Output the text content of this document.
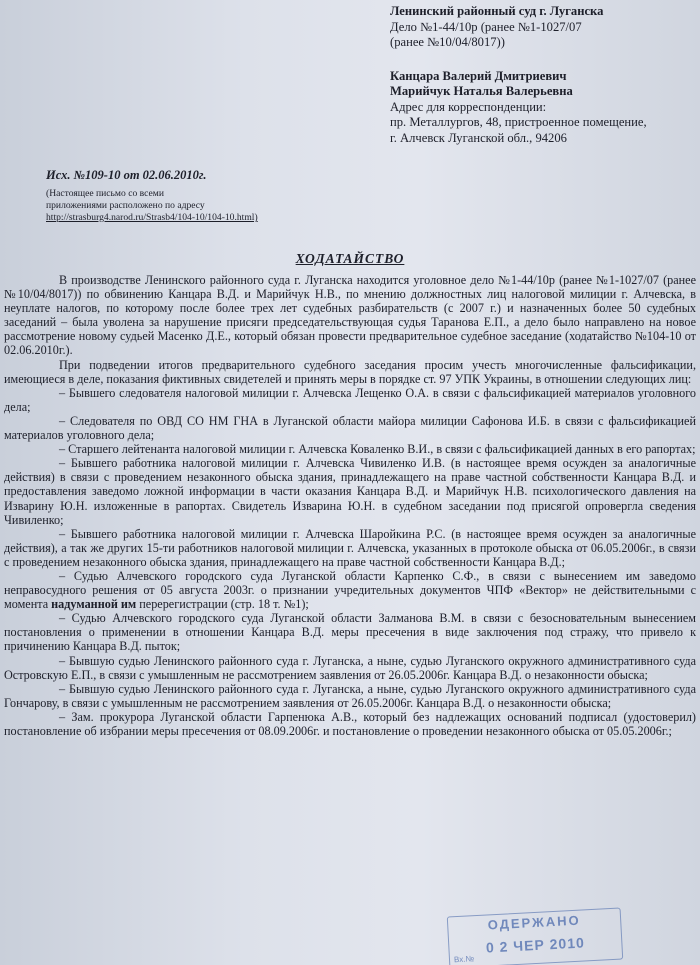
Ленинский районный суд г. Луганска
Дело №1-44/10р (ранее №1-1027/07
(ранее №10/04/8017))
Канцара Валерий Дмитриевич
Марийчук Наталья Валерьевна
Адрес для корреспонденции:
пр. Металлургов, 48, пристроенное помещение,
г. Алчевск Луганской обл., 94206
Исх. №109-10 от 02.06.2010г.
(Настоящее письмо со всеми
приложениями расположено по адресу
http://strasburg4.narod.ru/Strasb4/104-10/104-10.html)
ХОДАТАЙСТВО

В производстве Ленинского районного суда г. Луганска находится уголовное дело №1-44/10р (ранее №1-1027/07 (ранее №10/04/8017)) по обвинению Канцара В.Д. и Марийчук Н.В., по мнению должностных лиц налоговой милиции г. Алчевска, в неуплате налогов, по которому после более трех лет судебных разбирательств (с 2007 г.) и назначенных более 50 судебных заседаний – была уволена за нарушение присяги председательствующая судья Таранова Е.П., а дело было направлено на новое рассмотрение новому судьей Масенко Д.Е., который обязан провести предварительное судебное заседание (ходатайство №104-10 от 02.06.2010г.).

При подведении итогов предварительного судебного заседания просим учесть многочисленные фальсификации, имеющиеся в деле, показания фиктивных свидетелей и принять меры в порядке ст. 97 УПК Украины, в отношении следующих лиц:

– Бывшего следователя налоговой милиции г. Алчевска Лещенко О.А. в связи с фальсификацией материалов уголовного дела;

– Следователя по ОВД СО НМ ГНА в Луганской области майора милиции Сафонова И.Б. в связи с фальсификацией материалов уголовного дела;

– Старшего лейтенанта налоговой милиции г. Алчевска Коваленко В.И., в связи с фальсификацией данных в его рапортах;

– Бывшего работника налоговой милиции г. Алчевска Чивиленко И.В. (в настоящее время осужден за аналогичные действия) в связи с проведением незаконного обыска здания, принадлежащего на праве частной собственности Канцара В.Д. и предоставления заведомо ложной информации в части оказания Канцара В.Д. и Марийчук Н.В. психологического давления на Изварину Ю.Н. изложенные в рапортах. Свидетель Изварина Ю.Н. в судебном заседании под присягой опровергла сведения Чивиленко;

– Бывшего работника налоговой милиции г. Алчевска Шаройкина Р.С. (в настоящее время осужден за аналогичные действия), а так же других 15-ти работников налоговой милиции г. Алчевска, указанных в протоколе обыска от 06.05.2006г., в связи с проведением незаконного обыска здания, принадлежащего на праве частной собственности Канцара В.Д.;

– Судью Алчевского городского суда Луганской области Карпенко С.Ф., в связи с вынесением им заведомо неправосудного решения от 05 августа 2003г. о признании учредительных документов ЧПФ «Вектор» не действительными с момента надуманной им перерегистрации (стр. 18 т. №1);

– Судью Алчевского городского суда Луганской области Залманова В.М. в связи с безосновательным вынесением постановления о применении в отношении Канцара В.Д. меры пресечения в виде заключения под стражу, что привело к причинению Канцара В.Д. пыток;

– Бывшую судью Ленинского районного суда г. Луганска, а ныне, судью Луганского окружного административного суда Островскую Е.П., в связи с умышленным не рассмотрением заявления от 26.05.2006г. Канцара В.Д. о незаконности обыска;

– Бывшую судью Ленинского районного суда г. Луганска, а ныне, судью Луганского окружного административного суда Гончарову, в связи с умышленным не рассмотрением заявления от 26.05.2006г. Канцара В.Д. о незаконности обыска;

– Зам. прокурора Луганской области Гарпенюка А.В., который без надлежащих оснований подписал (удостоверил) постановление об избрании меры пресечения от 08.09.2006г. и постановление о проведении незаконного обыска от 05.05.2006г.;

ОДЕРЖАНО
0 2 ЧЕР 2010
Вх.№
